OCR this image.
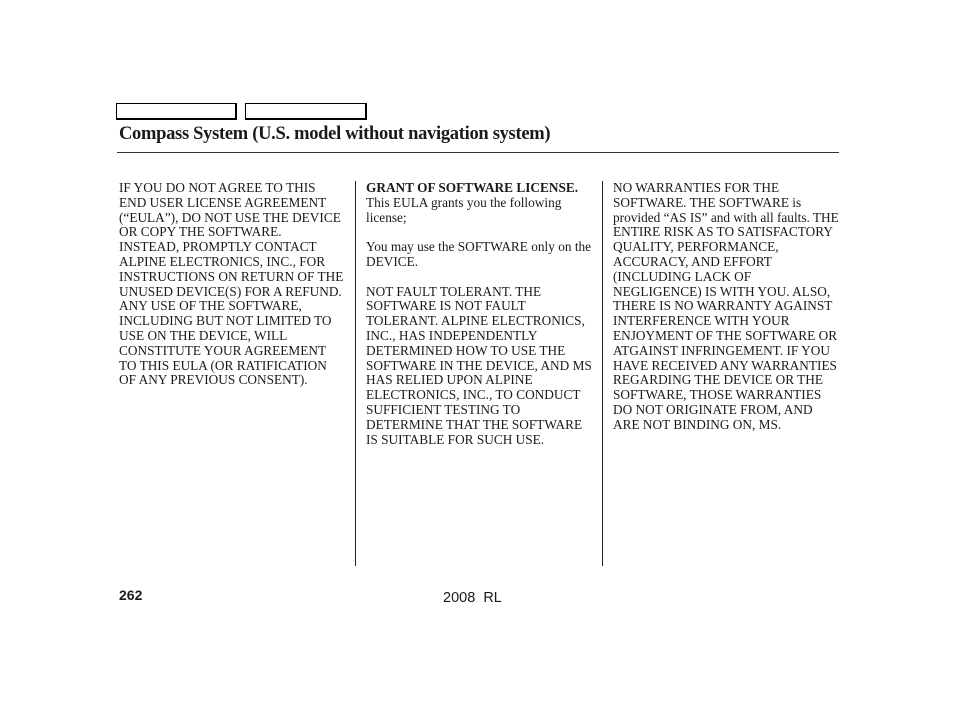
Compass System (U.S. model without navigation system)

IF YOU DO NOT AGREE TO THIS END USER LICENSE AGREEMENT (“EULA”), DO NOT USE THE DEVICE OR COPY THE SOFTWARE. INSTEAD, PROMPTLY CONTACT ALPINE ELECTRONICS, INC., FOR INSTRUCTIONS ON RETURN OF THE UNUSED DEVICE(S) FOR A REFUND. ANY USE OF THE SOFTWARE, INCLUDING BUT NOT LIMITED TO USE ON THE DEVICE, WILL CONSTITUTE YOUR AGREEMENT TO THIS EULA (OR RATIFICATION OF ANY PREVIOUS CONSENT).

GRANT OF SOFTWARE LICENSE. This EULA grants you the following license;

You may use the SOFTWARE only on the DEVICE.

NOT FAULT TOLERANT. THE SOFTWARE IS NOT FAULT TOLERANT. ALPINE ELECTRONICS, INC., HAS INDEPENDENTLY DETERMINED HOW TO USE THE SOFTWARE IN THE DEVICE, AND MS HAS RELIED UPON ALPINE ELECTRONICS, INC., TO CONDUCT SUFFICIENT TESTING TO DETERMINE THAT THE SOFTWARE IS SUITABLE FOR SUCH USE.

NO WARRANTIES FOR THE SOFTWARE. THE SOFTWARE is provided “AS IS” and with all faults. THE ENTIRE RISK AS TO SATISFACTORY QUALITY, PERFORMANCE, ACCURACY, AND EFFORT (INCLUDING LACK OF NEGLIGENCE) IS WITH YOU. ALSO, THERE IS NO WARRANTY AGAINST INTERFERENCE WITH YOUR ENJOYMENT OF THE SOFTWARE OR ATGAINST INFRINGEMENT. IF YOU HAVE RECEIVED ANY WARRANTIES REGARDING THE DEVICE OR THE SOFTWARE, THOSE WARRANTIES DO NOT ORIGINATE FROM, AND ARE NOT BINDING ON, MS.

262	2008  RL
